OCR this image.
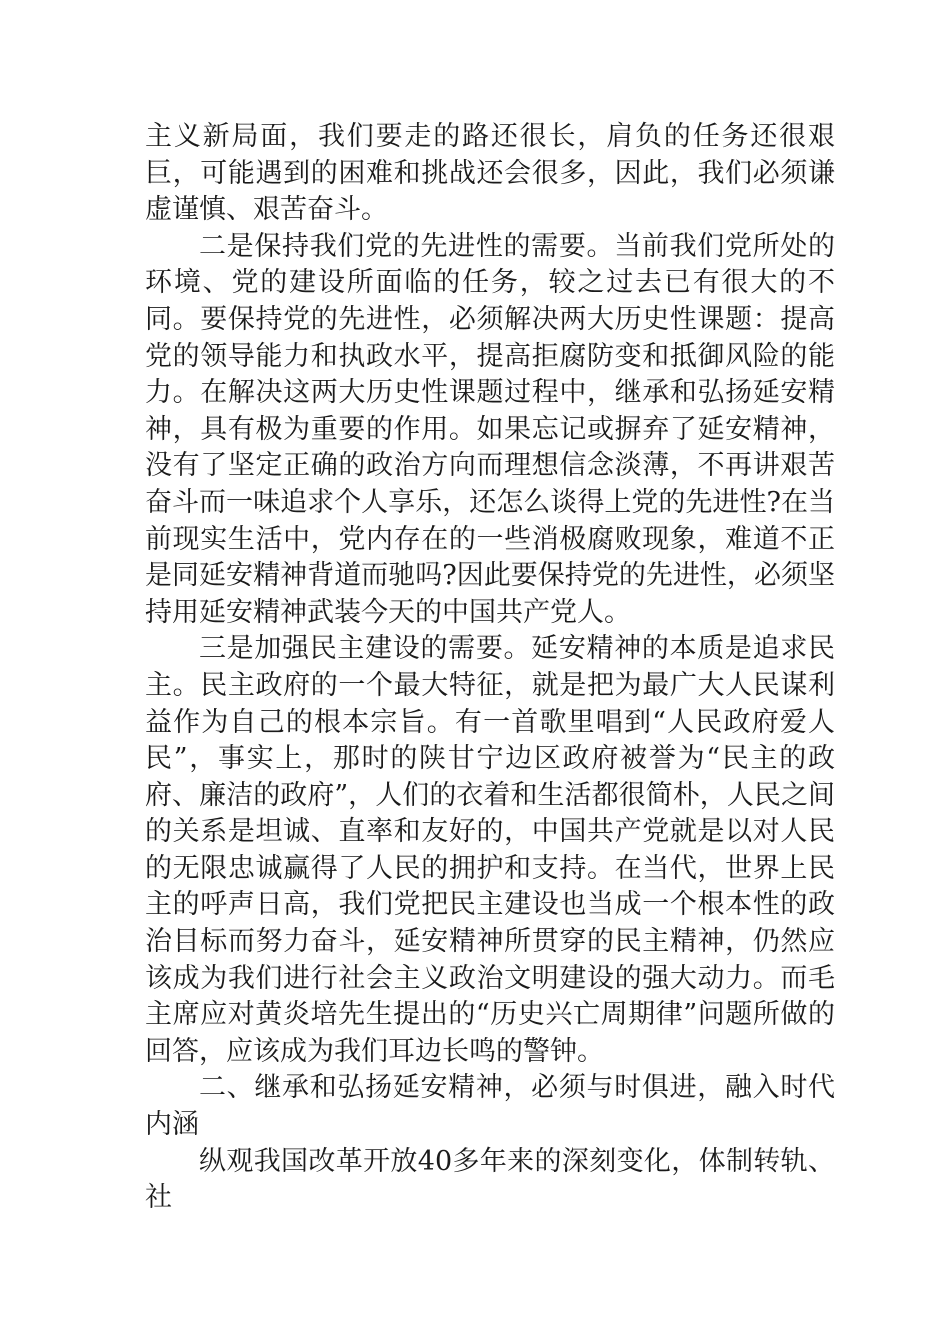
主义新局面，我们要走的路还很长，肩负的任务还很艰巨，可能遇到的困难和挑战还会很多，因此，我们必须谦虚谨慎、艰苦奋斗。

二是保持我们党的先进性的需要。当前我们党所处的环境、党的建设所面临的任务，较之过去已有很大的不同。要保持党的先进性，必须解决两大历史性课题：提高党的领导能力和执政水平，提高拒腐防变和抵御风险的能力。在解决这两大历史性课题过程中，继承和弘扬延安精神，具有极为重要的作用。如果忘记或摒弃了延安精神，没有了坚定正确的政治方向而理想信念淡薄，不再讲艰苦奋斗而一味追求个人享乐，还怎么谈得上党的先进性?在当前现实生活中，党内存在的一些消极腐败现象，难道不正是同延安精神背道而驰吗?因此要保持党的先进性，必须坚持用延安精神武装今天的中国共产党人。

三是加强民主建设的需要。延安精神的本质是追求民主。民主政府的一个最大特征，就是把为最广大人民谋利益作为自己的根本宗旨。有一首歌里唱到“人民政府爱人民”，事实上，那时的陕甘宁边区政府被誉为“民主的政府、廉洁的政府”，人们的衣着和生活都很简朴，人民之间的关系是坦诚、直率和友好的，中国共产党就是以对人民的无限忠诚赢得了人民的拥护和支持。在当代，世界上民主的呼声日高，我们党把民主建设也当成一个根本性的政治目标而努力奋斗，延安精神所贯穿的民主精神，仍然应该成为我们进行社会主义政治文明建设的强大动力。而毛主席应对黄炎培先生提出的“历史兴亡周期律”问题所做的回答，应该成为我们耳边长鸣的警钟。

二、继承和弘扬延安精神，必须与时俱进，融入时代内涵

纵观我国改革开放40多年来的深刻变化，体制转轨、社
